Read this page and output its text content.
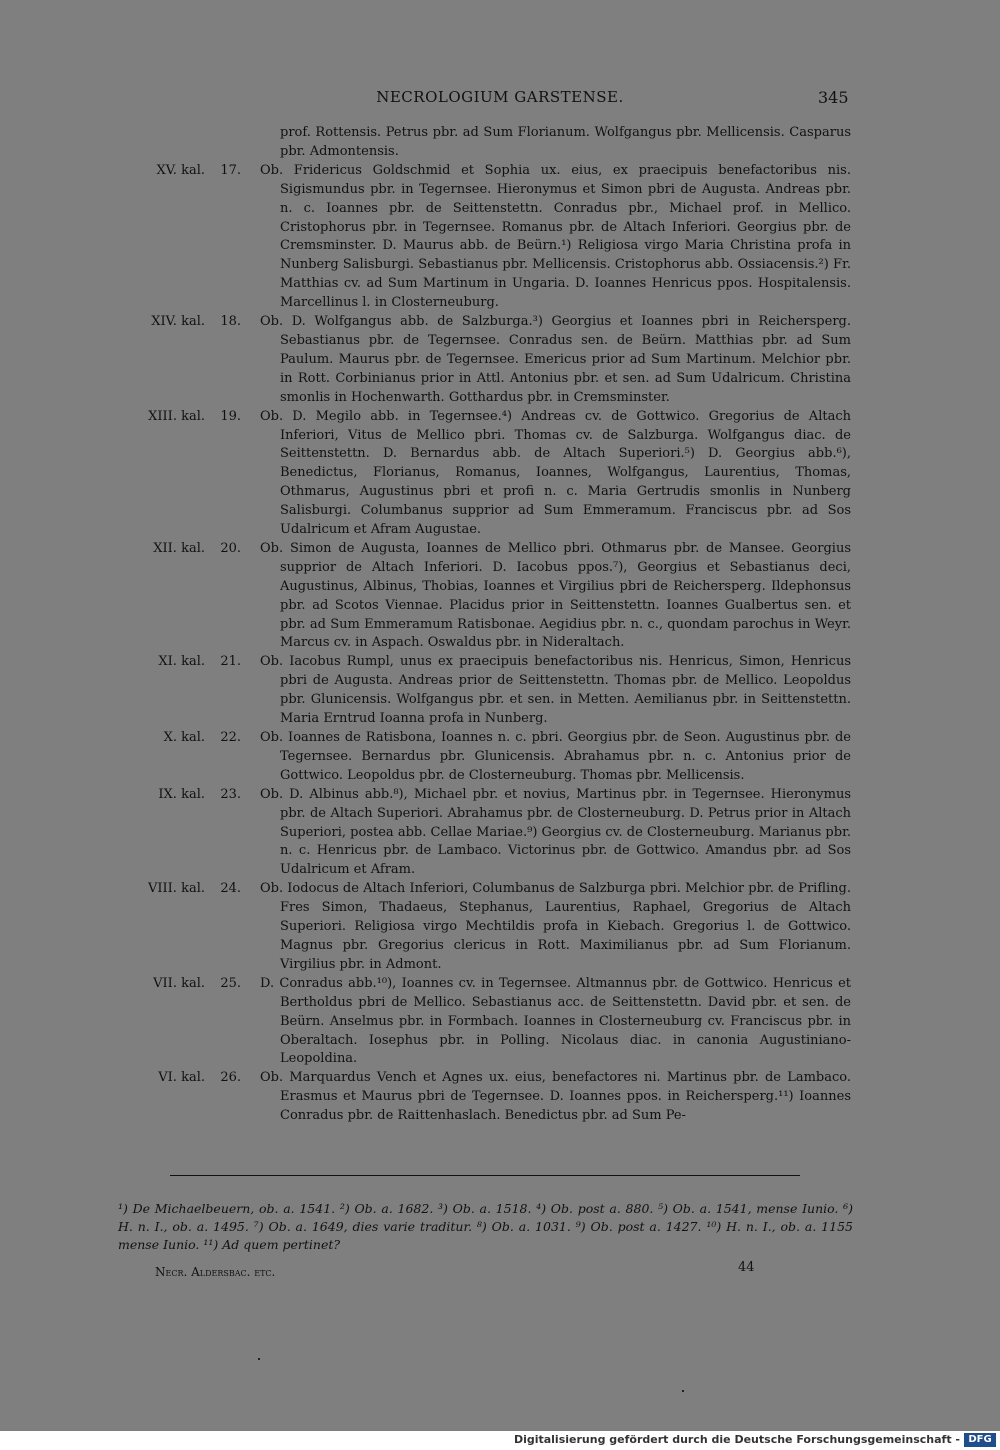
NECROLOGIUM GARSTENSE.	345
prof. Rottensis. Petrus pbr. ad Sum Florianum. Wolfgangus pbr. Mellicensis. Casparus pbr. Admontensis.
XV. kal.	17. Ob. Fridericus Goldschmid et Sophia ux. eius, ex praecipuis benefactoribus nis. Sigismundus pbr. in Tegernsee. Hieronymus et Simon pbri de Augusta. Andreas pbr. n. c. Ioannes pbr. de Seittenstettn. Conradus pbr., Michael prof. in Mellico. Cristophorus pbr. in Tegernsee. Romanus pbr. de Altach Inferiori. Georgius pbr. de Cremsminster. D. Maurus abb. de Beürn.¹) Religiosa virgo Maria Christina profa in Nunberg Salisburgi. Sebastianus pbr. Mellicensis. Cristophorus abb. Ossiacensis.²) Fr. Matthias cv. ad Sum Martinum in Ungaria. D. Ioannes Henricus ppos. Hospitalensis. Marcellinus l. in Closterneuburg.
XIV. kal.	18. Ob. D. Wolfgangus abb. de Salzburga.³) Georgius et Ioannes pbri in Reichersperg. Sebastianus pbr. de Tegernsee. Conradus sen. de Beürn. Matthias pbr. ad Sum Paulum. Maurus pbr. de Tegernsee. Emericus prior ad Sum Martinum. Melchior pbr. in Rott. Corbinianus prior in Attl. Antonius pbr. et sen. ad Sum Udalricum. Christina smonlis in Hochenwarth. Gotthardus pbr. in Cremsminster.
XIII. kal.	19. Ob. D. Megilo abb. in Tegernsee.⁴) Andreas cv. de Gottwico. Gregorius de Altach Inferiori, Vitus de Mellico pbri. Thomas cv. de Salzburga. Wolfgangus diac. de Seittenstettn. D. Bernardus abb. de Altach Superiori.⁵) D. Georgius abb.⁶), Benedictus, Florianus, Romanus, Ioannes, Wolfgangus, Laurentius, Thomas, Othmarus, Augustinus pbri et profi n. c. Maria Gertrudis smonlis in Nunberg Salisburgi. Columbanus supprior ad Sum Emmeramum. Franciscus pbr. ad Sos Udalricum et Afram Augustae.
XII. kal.	20. Ob. Simon de Augusta, Ioannes de Mellico pbri. Othmarus pbr. de Mansee. Georgius supprior de Altach Inferiori. D. Iacobus ppos.⁷), Georgius et Sebastianus deci, Augustinus, Albinus, Thobias, Ioannes et Virgilius pbri de Reichersperg. Ildephonsus pbr. ad Scotos Viennae. Placidus prior in Seittenstettn. Ioannes Gualbertus sen. et pbr. ad Sum Emmeramum Ratisbonae. Aegidius pbr. n. c., quondam parochus in Weyr. Marcus cv. in Aspach. Oswaldus pbr. in Nideraltach.
XI. kal.	21. Ob. Iacobus Rumpl, unus ex praecipuis benefactoribus nis. Henricus, Simon, Henricus pbri de Augusta. Andreas prior de Seittenstettn. Thomas pbr. de Mellico. Leopoldus pbr. Glunicensis. Wolfgangus pbr. et sen. in Metten. Aemilianus pbr. in Seittenstettn. Maria Erntrud Ioanna profa in Nunberg.
X. kal.	22. Ob. Ioannes de Ratisbona, Ioannes n. c. pbri. Georgius pbr. de Seon. Augustinus pbr. de Tegernsee. Bernardus pbr. Glunicensis. Abrahamus pbr. n. c. Antonius prior de Gottwico. Leopoldus pbr. de Closterneuburg. Thomas pbr. Mellicensis.
IX. kal.	23. Ob. D. Albinus abb.⁸), Michael pbr. et novius, Martinus pbr. in Tegernsee. Hieronymus pbr. de Altach Superiori. Abrahamus pbr. de Closterneuburg. D. Petrus prior in Altach Superiori, postea abb. Cellae Mariae.⁹) Georgius cv. de Closterneuburg. Marianus pbr. n. c. Henricus pbr. de Lambaco. Victorinus pbr. de Gottwico. Amandus pbr. ad Sos Udalricum et Afram.
VIII. kal.	24. Ob. Iodocus de Altach Inferiori, Columbanus de Salzburga pbri. Melchior pbr. de Prifling. Fres Simon, Thadaeus, Stephanus, Laurentius, Raphael, Gregorius de Altach Superiori. Religiosa virgo Mechtildis profa in Kiebach. Gregorius l. de Gottwico. Magnus pbr. Gregorius clericus in Rott. Maximilianus pbr. ad Sum Florianum. Virgilius pbr. in Admont.
VII. kal.	25. D. Conradus abb.¹⁰), Ioannes cv. in Tegernsee. Altmannus pbr. de Gottwico. Henricus et Bertholdus pbri de Mellico. Sebastianus acc. de Seittenstettn. David pbr. et sen. de Beürn. Anselmus pbr. in Formbach. Ioannes in Closterneuburg cv. Franciscus pbr. in Oberaltach. Iosephus pbr. in Polling. Nicolaus diac. in canonia Augustiniano-Leopoldina.
VI. kal.	26. Ob. Marquardus Vench et Agnes ux. eius, benefactores ni. Martinus pbr. de Lambaco. Erasmus et Maurus pbri de Tegernsee. D. Ioannes ppos. in Reichersperg.¹¹) Ioannes Conradus pbr. de Raittenhaslach. Benedictus pbr. ad Sum Pe-
¹) De Michaelbeuern, ob. a. 1541. ²) Ob. a. 1682. ³) Ob. a. 1518. ⁴) Ob. post a. 880. ⁵) Ob. a. 1541, mense Iunio. ⁶) H. n. I., ob. a. 1495. ⁷) Ob. a. 1649, dies varie traditur. ⁸) Ob. a. 1031. ⁹) Ob. post a. 1427. ¹⁰) H. n. I., ob. a. 1155 mense Iunio. ¹¹) Ad quem pertinet?
Necr. Aldersbac. etc.	44
Digitalisierung gefördert durch die Deutsche Forschungsgemeinschaft - DFG
